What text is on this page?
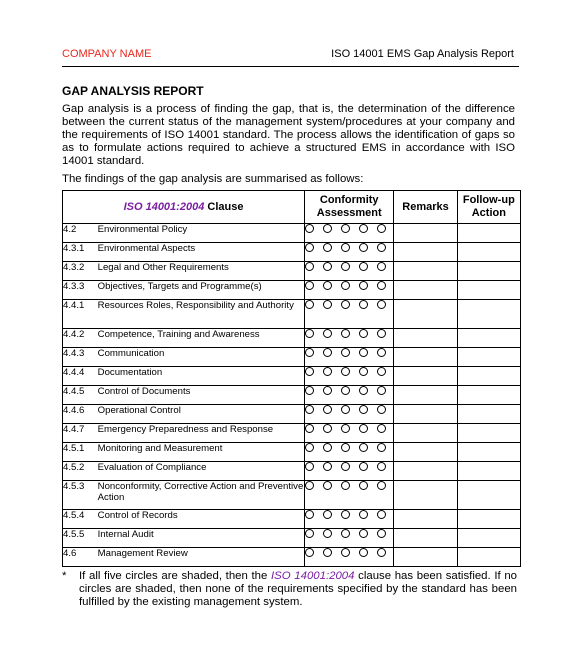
COMPANY NAME	ISO 14001 EMS Gap Analysis Report
GAP ANALYSIS REPORT

Gap analysis is a process of finding the gap, that is, the determination of the difference between the current status of the management system/procedures at your company and the requirements of ISO 14001 standard. The process allows the identification of gaps so as to formulate actions required to achieve a structured EMS in accordance with ISO 14001 standard.

The findings of the gap analysis are summarised as follows:
ISO 14001:2004 Clause		Conformity Assessment	Remarks	Follow-up Action
4.2	Environmental Policy			
4.3.1	Environmental Aspects			
4.3.2	Legal and Other Requirements			
4.3.3	Objectives, Targets and Programme(s)			
4.4.1	Resources Roles, Responsibility and Authority			
4.4.2	Competence, Training and Awareness			
4.4.3	Communication			
4.4.4	Documentation			
4.4.5	Control of Documents			
4.4.6	Operational Control			
4.4.7	Emergency Preparedness and Response			
4.5.1	Monitoring and Measurement			
4.5.2	Evaluation of Compliance			
4.5.3	Nonconformity, Corrective Action and Preventive Action			
4.5.4	Control of Records			
4.5.5	Internal Audit			
4.6	Management Review			
* If all five circles are shaded, then the ISO 14001:2004 clause has been satisfied. If no circles are shaded, then none of the requirements specified by the standard has been fulfilled by the existing management system.
